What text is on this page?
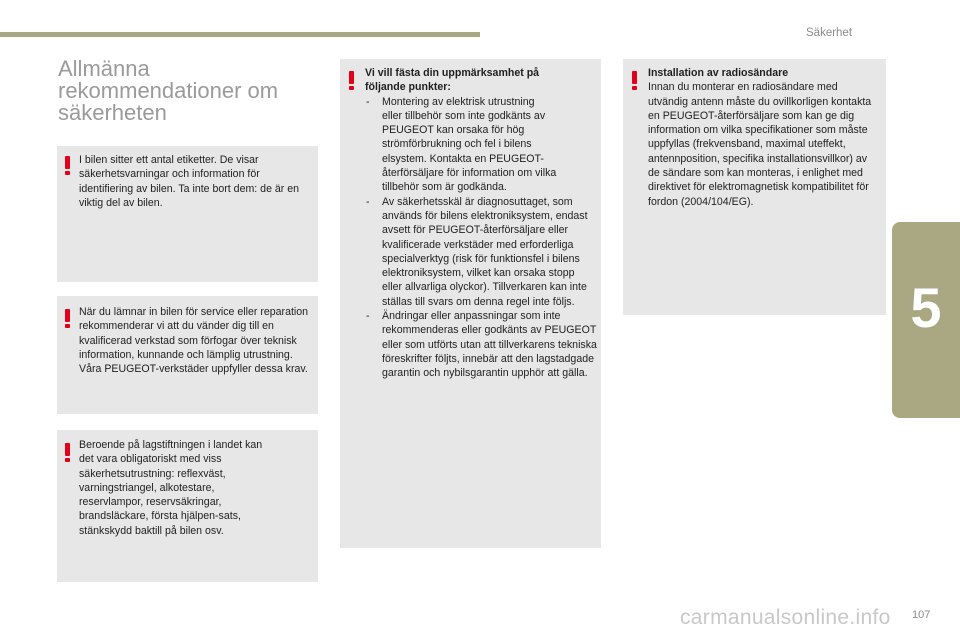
Säkerhet
5
Allmänna rekommendationer om säkerheten
I bilen sitter ett antal etiketter. De visar säkerhetsvarningar och information för identifiering av bilen. Ta inte bort dem: de är en viktig del av bilen.
När du lämnar in bilen för service eller reparation rekommenderar vi att du vänder dig till en kvalificerad verkstad som förfogar över teknisk information, kunnande och lämplig utrustning. Våra PEUGEOT-verkstäder uppfyller dessa krav.
Beroende på lagstiftningen i landet kan det vara obligatoriskt med viss säkerhetsutrustning: reflexväst, varningstriangel, alkotestare, reservlampor, reservsäkringar, brandsläckare, första hjälpen-sats, stänkskydd baktill på bilen osv.
Vi vill fästa din uppmärksamhet på följande punkter:
- Montering av elektrisk utrustning eller tillbehör som inte godkänts av PEUGEOT kan orsaka för hög strömförbrukning och fel i bilens elsystem. Kontakta en PEUGEOT-återförsäljare för information om vilka tillbehör som är godkända.
- Av säkerhetsskäl är diagnosuttaget, som används för bilens elektroniksystem, endast avsett för PEUGEOT-återförsäljare eller kvalificerade verkstäder med erforderliga specialverktyg (risk för funktionsfel i bilens elektroniksystem, vilket kan orsaka stopp eller allvarliga olyckor). Tillverkaren kan inte ställas till svars om denna regel inte följs.
- Ändringar eller anpassningar som inte rekommenderas eller godkänts av PEUGEOT eller som utförts utan att tillverkarens tekniska föreskrifter följts, innebär att den lagstadgade garantin och nybilsgarantin upphör att gälla.
Installation av radiosändare
Innan du monterar en radiosändare med utvändig antenn måste du ovillkorligen kontakta en PEUGEOT-återförsäljare som kan ge dig information om vilka specifikationer som måste uppfyllas (frekvensband, maximal uteffekt, antennposition, specifika installationsvillkor) av de sändare som kan monteras, i enlighet med direktivet för elektromagnetisk kompatibilitet för fordon (2004/104/EG).
carmanualsonline.info 107
